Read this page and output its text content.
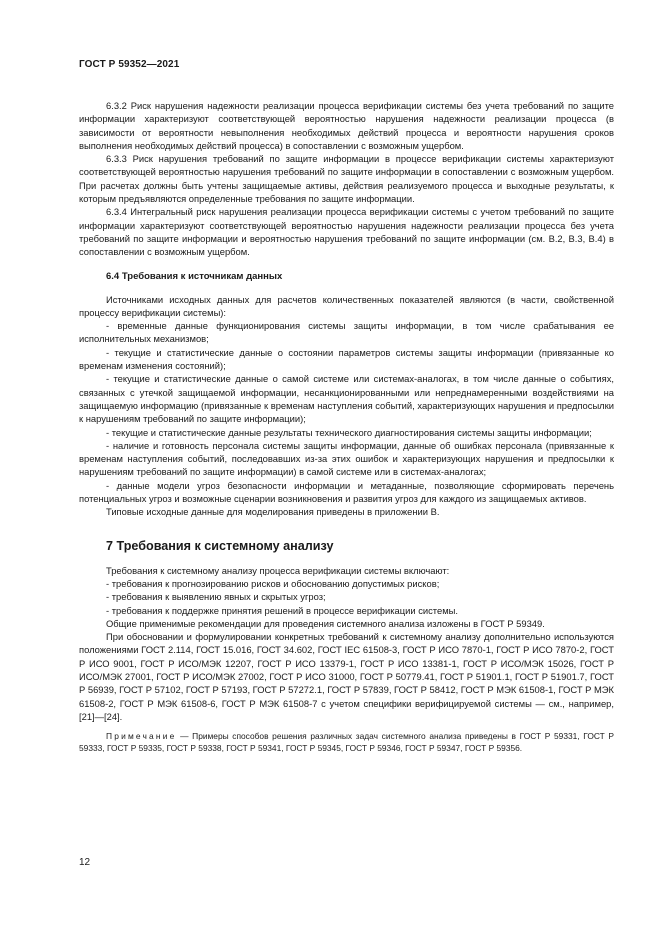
ГОСТ Р 59352—2021

6.3.2 Риск нарушения надежности реализации процесса верификации системы без учета требований по защите информации характеризуют соответствующей вероятностью нарушения надежности реализации процесса (в зависимости от вероятности невыполнения необходимых действий процесса и вероятности нарушения сроков выполнения необходимых действий процесса) в сопоставлении с возможным ущербом.

6.3.3 Риск нарушения требований по защите информации в процессе верификации системы характеризуют соответствующей вероятностью нарушения требований по защите информации в сопоставлении с возможным ущербом. При расчетах должны быть учтены защищаемые активы, действия реализуемого процесса и выходные результаты, к которым предъявляются определенные требования по защите информации.

6.3.4 Интегральный риск нарушения реализации процесса верификации системы с учетом требований по защите информации характеризуют соответствующей вероятностью нарушения надежности реализации процесса без учета требований по защите информации и вероятностью нарушения требований по защите информации (см. В.2, В.3, В.4) в сопоставлении с возможным ущербом.

6.4 Требования к источникам данных

Источниками исходных данных для расчетов количественных показателей являются (в части, свойственной процессу верификации системы):

- временные данные функционирования системы защиты информации, в том числе срабатывания ее исполнительных механизмов;

- текущие и статистические данные о состоянии параметров системы защиты информации (привязанные ко временам изменения состояний);

- текущие и статистические данные о самой системе или системах-аналогах, в том числе данные о событиях, связанных с утечкой защищаемой информации, несанкционированными или непреднамеренными воздействиями на защищаемую информацию (привязанные к временам наступления событий, характеризующих нарушения и предпосылки к нарушениям требований по защите информации);

- текущие и статистические данные результаты технического диагностирования системы защиты информации;

- наличие и готовность персонала системы защиты информации, данные об ошибках персонала (привязанные к временам наступления событий, последовавших из-за этих ошибок и характеризующих нарушения и предпосылки к нарушениям требований по защите информации) в самой системе или в системах-аналогах;

- данные модели угроз безопасности информации и метаданные, позволяющие сформировать перечень потенциальных угроз и возможные сценарии возникновения и развития угроз для каждого из защищаемых активов.

Типовые исходные данные для моделирования приведены в приложении В.

7 Требования к системному анализу

Требования к системному анализу процесса верификации системы включают:

- требования к прогнозированию рисков и обоснованию допустимых рисков;

- требования к выявлению явных и скрытых угроз;

- требования к поддержке принятия решений в процессе верификации системы.

Общие применимые рекомендации для проведения системного анализа изложены в ГОСТ Р 59349.

При обосновании и формулировании конкретных требований к системному анализу дополнительно используются положениями ГОСТ 2.114, ГОСТ 15.016, ГОСТ 34.602, ГОСТ IEC 61508-3, ГОСТ Р ИСО 7870-1, ГОСТ Р ИСО 7870-2, ГОСТ Р ИСО 9001, ГОСТ Р ИСО/МЭК 12207, ГОСТ Р ИСО 13379-1, ГОСТ Р ИСО 13381-1, ГОСТ Р ИСО/МЭК 15026, ГОСТ Р ИСО/МЭК 27001, ГОСТ Р ИСО/МЭК 27002, ГОСТ Р ИСО 31000, ГОСТ Р 50779.41, ГОСТ Р 51901.1, ГОСТ Р 51901.7, ГОСТ Р 56939, ГОСТ Р 57102, ГОСТ Р 57193, ГОСТ Р 57272.1, ГОСТ Р 57839, ГОСТ Р 58412, ГОСТ Р МЭК 61508-1, ГОСТ Р МЭК 61508-2, ГОСТ Р МЭК 61508-6, ГОСТ Р МЭК 61508-7 с учетом специфики верифицируемой системы — см., например, [21]—[24].

Примечание — Примеры способов решения различных задач системного анализа приведены в ГОСТ Р 59331, ГОСТ Р 59333, ГОСТ Р 59335, ГОСТ Р 59338, ГОСТ Р 59341, ГОСТ Р 59345, ГОСТ Р 59346, ГОСТ Р 59347, ГОСТ Р 59356.

12
